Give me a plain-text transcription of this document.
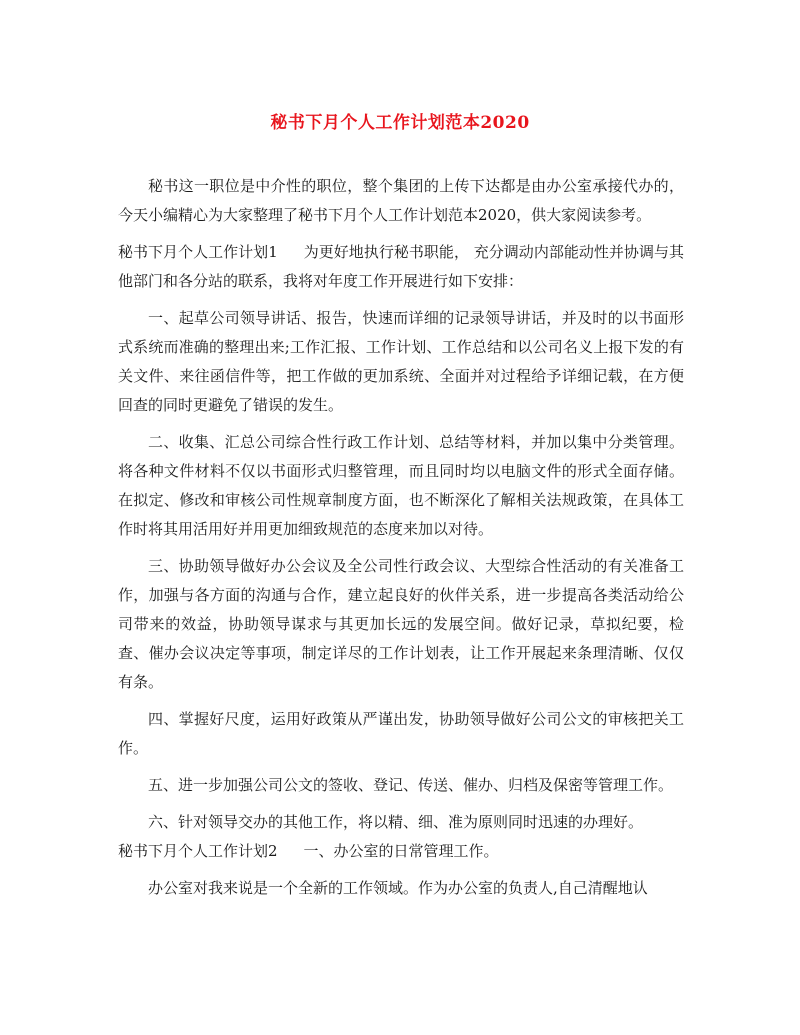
秘书下月个人工作计划范本2020

秘书这一职位是中介性的职位，整个集团的上传下达都是由办公室承接代办的，今天小编精心为大家整理了秘书下月个人工作计划范本2020，供大家阅读参考。

秘书下月个人工作计划1 为更好地执行秘书职能， 充分调动内部能动性并协调与其他部门和各分站的联系，我将对年度工作开展进行如下安排：

一、起草公司领导讲话、报告，快速而详细的记录领导讲话，并及时的以书面形式系统而准确的整理出来;工作汇报、工作计划、工作总结和以公司名义上报下发的有关文件、来往函信件等，把工作做的更加系统、全面并对过程给予详细记载，在方便回查的同时更避免了错误的发生。

二、收集、汇总公司综合性行政工作计划、总结等材料，并加以集中分类管理。将各种文件材料不仅以书面形式归整管理，而且同时均以电脑文件的形式全面存储。在拟定、修改和审核公司性规章制度方面，也不断深化了解相关法规政策，在具体工作时将其用活用好并用更加细致规范的态度来加以对待。

三、协助领导做好办公会议及全公司性行政会议、大型综合性活动的有关准备工作，加强与各方面的沟通与合作，建立起良好的伙伴关系，进一步提高各类活动给公司带来的效益，协助领导谋求与其更加长远的发展空间。做好记录，草拟纪要，检查、催办会议决定等事项，制定详尽的工作计划表，让工作开展起来条理清晰、仅仅有条。

四、掌握好尺度，运用好政策从严谨出发，协助领导做好公司公文的审核把关工作。

五、进一步加强公司公文的签收、登记、传送、催办、归档及保密等管理工作。

六、针对领导交办的其他工作，将以精、细、准为原则同时迅速的办理好。

秘书下月个人工作计划2 一、办公室的日常管理工作。

办公室对我来说是一个全新的工作领域。作为办公室的负责人,自己清醒地认
